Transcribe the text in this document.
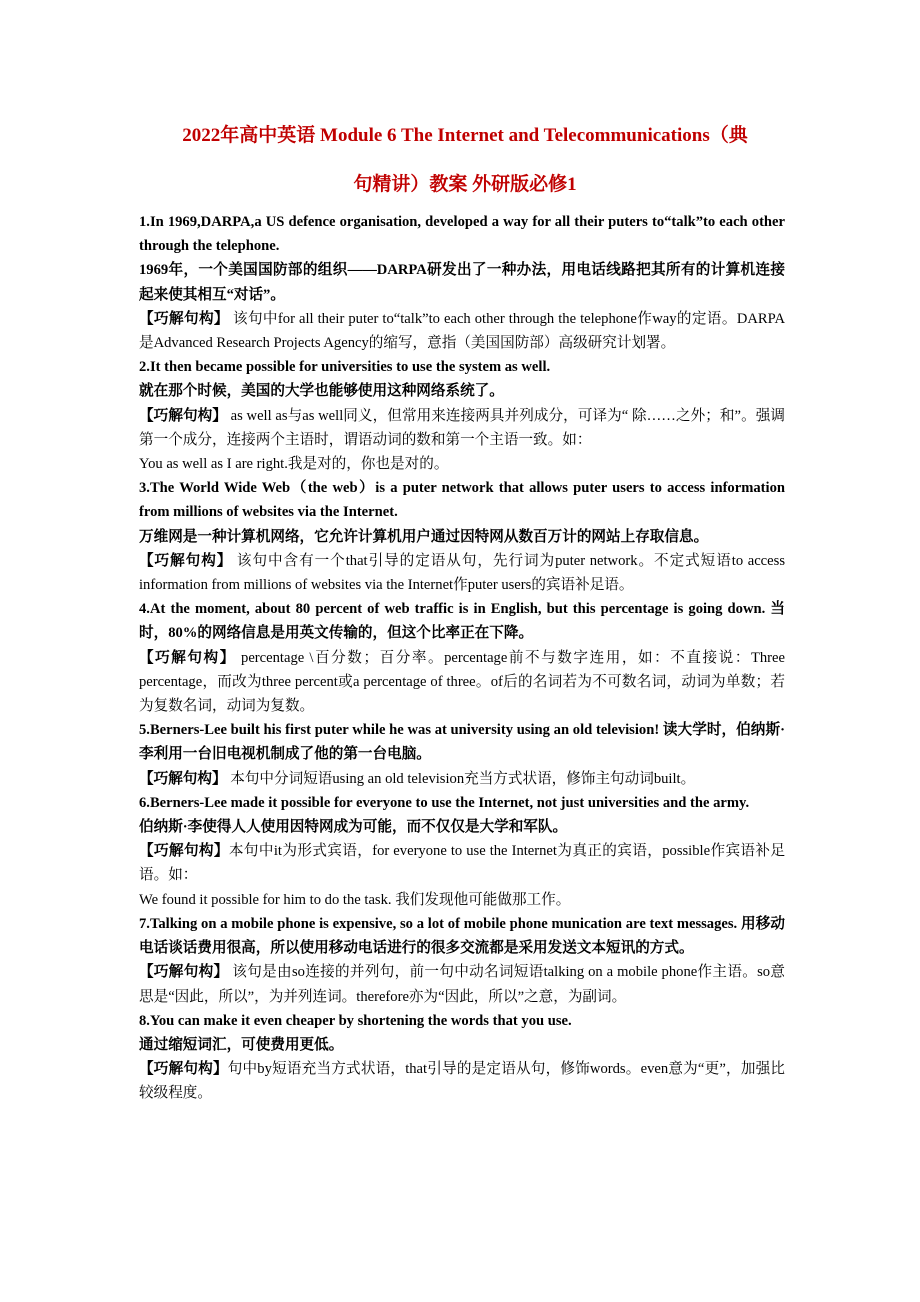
2022年高中英语 Module 6 The Internet and Telecommunications（典
句精讲）教案 外研版必修1

1.In 1969,DARPA,a US defence organisation, developed a way for all their puters to“talk”to each other through the telephone.

1969年，一个美国国防部的组织——DARPA研发出了一种办法，用电话线路把其所有的计算机连接起来使其相互“对话”。

【巧解句构】 该句中for all their puter to“talk”to each other through the telephone作way的定语。DARPA是Advanced Research Projects Agency的缩写，意指（美国国防部）高级研究计划署。

2.It then became possible for universities to use the system as well.

就在那个时候，美国的大学也能够使用这种网络系统了。

【巧解句构】 as well as与as well同义，但常用来连接两具并列成分，可译为“ 除……之外；和”。强调第一个成分，连接两个主语时，谓语动词的数和第一个主语一致。如：

You as well as I are right.我是对的，你也是对的。

3.The World Wide Web（the web）is a puter network that allows puter users to access information from millions of websites via the Internet.

万维网是一种计算机网络，它允许计算机用户通过因特网从数百万计的网站上存取信息。

【巧解句构】 该句中含有一个that引导的定语从句，先行词为puter network。不定式短语to access information from millions of websites via the Internet作puter users的宾语补足语。

4.At the moment, about 80 percent of web traffic is in English, but this percentage is going down. 当时，80%的网络信息是用英文传输的，但这个比率正在下降。

【巧解句构】 percentage \百分数；百分率。percentage前不与数字连用，如：不直接说：Three percentage，而改为three percent或a percentage of three。of后的名词若为不可数名词，动词为单数；若为复数名词，动词为复数。

5.Berners-Lee built his first puter while he was at university using an old television! 读大学时，伯纳斯·李利用一台旧电视机制成了他的第一台电脑。

【巧解句构】 本句中分词短语using an old television充当方式状语，修饰主句动词built。

6.Berners-Lee made it possible for everyone to use the Internet, not just universities and the army.

伯纳斯·李使得人人使用因特网成为可能，而不仅仅是大学和军队。

【巧解句构】本句中it为形式宾语，for everyone to use the Internet为真正的宾语，possible作宾语补足语。如：

We found it possible for him to do the task. 我们发现他可能做那工作。

7.Talking on a mobile phone is expensive, so a lot of mobile phone munication are text messages. 用移动电话谈话费用很高，所以使用移动电话进行的很多交流都是采用发送文本短讯的方式。

【巧解句构】 该句是由so连接的并列句，前一句中动名词短语talking on a mobile phone作主语。so意思是“因此，所以”，为并列连词。therefore亦为“因此，所以”之意，为副词。

8.You can make it even cheaper by shortening the words that you use.

通过缩短词汇，可使费用更低。

【巧解句构】句中by短语充当方式状语，that引导的是定语从句，修饰words。even意为“更”，加强比较级程度。
